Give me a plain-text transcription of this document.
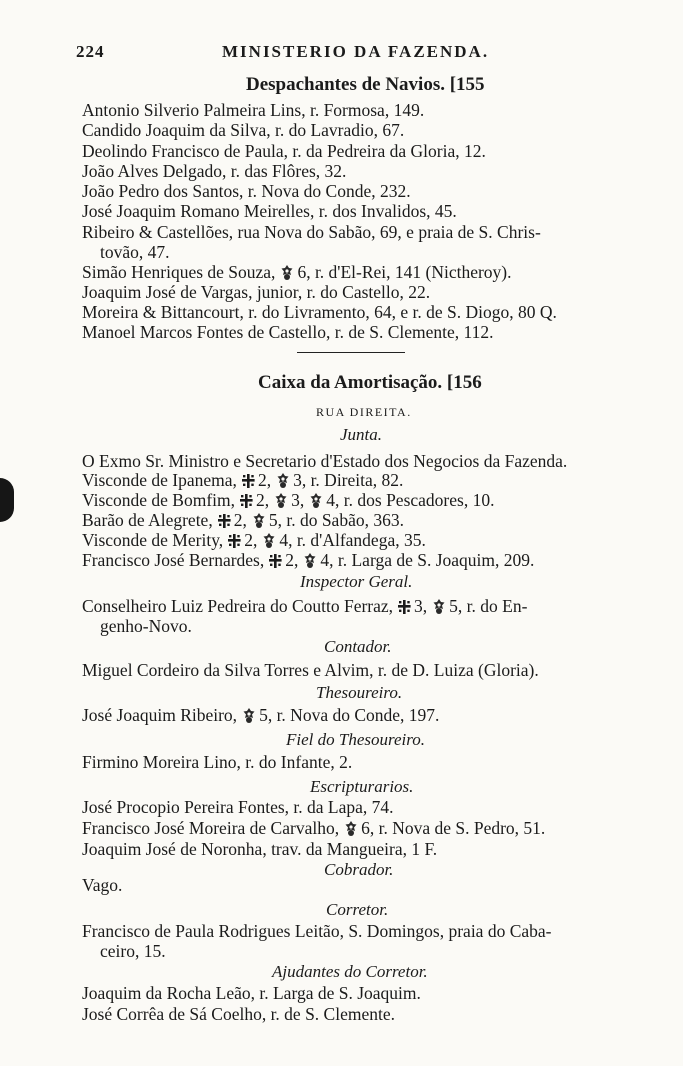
224	MINISTERIO DA FAZENDA.
Despachantes de Navios. [155
Antonio Silverio Palmeira Lins, r. Formosa, 149.
Candido Joaquim da Silva, r. do Lavradio, 67.
Deolindo Francisco de Paula, r. da Pedreira da Gloria, 12.
João Alves Delgado, r. das Flôres, 32.
João Pedro dos Santos, r. Nova do Conde, 232.
José Joaquim Romano Meirelles, r. dos Invalidos, 45.
Ribeiro & Castellões, rua Nova do Sabão, 69, e praia de S. Chris-
tovão, 47.
Simão Henriques de Souza, 6, r. d'El-Rei, 141 (Nictheroy).
Joaquim José de Vargas, junior, r. do Castello, 22.
Moreira & Bittancourt, r. do Livramento, 64, e r. de S. Diogo, 80 Q.
Manoel Marcos Fontes de Castello, r. de S. Clemente, 112.
Caixa da Amortisação. [156
RUA DIREITA.
Junta.
O Exmo Sr. Ministro e Secretario d'Estado dos Negocios da Fazenda.
Visconde de Ipanema, 2, 3, r. Direita, 82.
Visconde de Bomfim, 2, 3, 4, r. dos Pescadores, 10.
Barão de Alegrete, 2, 5, r. do Sabão, 363.
Visconde de Merity, 2, 4, r. d'Alfandega, 35.
Francisco José Bernardes, 2, 4, r. Larga de S. Joaquim, 209.
Inspector Geral.
Conselheiro Luiz Pedreira do Coutto Ferraz, 3, 5, r. do En-
genho-Novo.
Contador.
Miguel Cordeiro da Silva Torres e Alvim, r. de D. Luiza (Gloria).
Thesoureiro.
José Joaquim Ribeiro, 5, r. Nova do Conde, 197.
Fiel do Thesoureiro.
Firmino Moreira Lino, r. do Infante, 2.
Escripturarios.
José Procopio Pereira Fontes, r. da Lapa, 74.
Francisco José Moreira de Carvalho, 6, r. Nova de S. Pedro, 51.
Joaquim José de Noronha, trav. da Mangueira, 1 F.
Cobrador.
Vago.
Corretor.
Francisco de Paula Rodrigues Leitão, S. Domingos, praia do Caba-
ceiro, 15.
Ajudantes do Corretor.
Joaquim da Rocha Leão, r. Larga de S. Joaquim.
José Corrêa de Sá Coelho, r. de S. Clemente.
